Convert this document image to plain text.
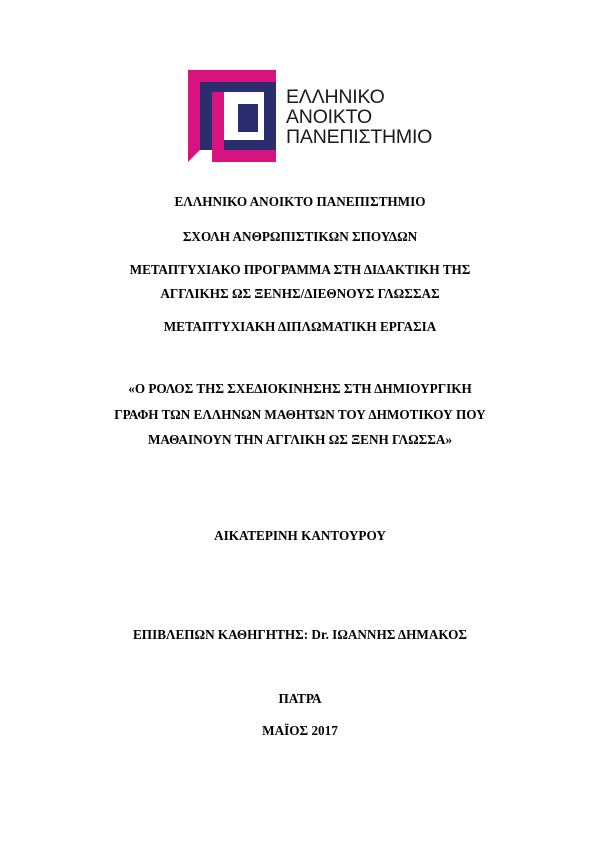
ΕΛΛΗΝΙΚΟ
ΑΝΟΙΚΤΟ
ΠΑΝΕΠΙΣΤΗΜΙΟ
ΕΛΛΗΝΙΚΟ ΑΝΟΙΚΤΟ ΠΑΝΕΠΙΣΤΗΜΙΟ
ΣΧΟΛΗ ΑΝΘΡΩΠΙΣΤΙΚΩΝ ΣΠΟΥΔΩΝ
ΜΕΤΑΠΤΥΧΙΑΚΟ ΠΡΟΓΡΑΜΜΑ ΣΤΗ ΔΙΔΑΚΤΙΚΗ ΤΗΣ
ΑΓΓΛΙΚΗΣ ΩΣ ΞΕΝΗΣ/ΔΙΕΘΝΟΥΣ ΓΛΩΣΣΑΣ
ΜΕΤΑΠΤΥΧΙΑΚΗ ΔΙΠΛΩΜΑΤΙΚΗ ΕΡΓΑΣΙΑ
«Ο ΡΟΛΟΣ ΤΗΣ ΣΧΕΔΙΟΚΙΝΗΣΗΣ ΣΤΗ ΔΗΜΙΟΥΡΓΙΚΗ
ΓΡΑΦΗ ΤΩΝ ΕΛΛΗΝΩΝ ΜΑΘΗΤΩΝ ΤΟΥ ΔΗΜΟΤΙΚΟΥ ΠΟΥ
ΜΑΘΑΙΝΟΥΝ ΤΗΝ ΑΓΓΛΙΚΗ ΩΣ ΞΕΝΗ ΓΛΩΣΣΑ»
ΑΙΚΑΤΕΡΙΝΗ ΚΑΝΤΟΥΡΟΥ
ΕΠΙΒΛΕΠΩΝ ΚΑΘΗΓΗΤΗΣ: Dr. ΙΩΑΝΝΗΣ ΔΗΜΑΚΟΣ
ΠΑΤΡΑ
ΜΑΪΟΣ 2017
